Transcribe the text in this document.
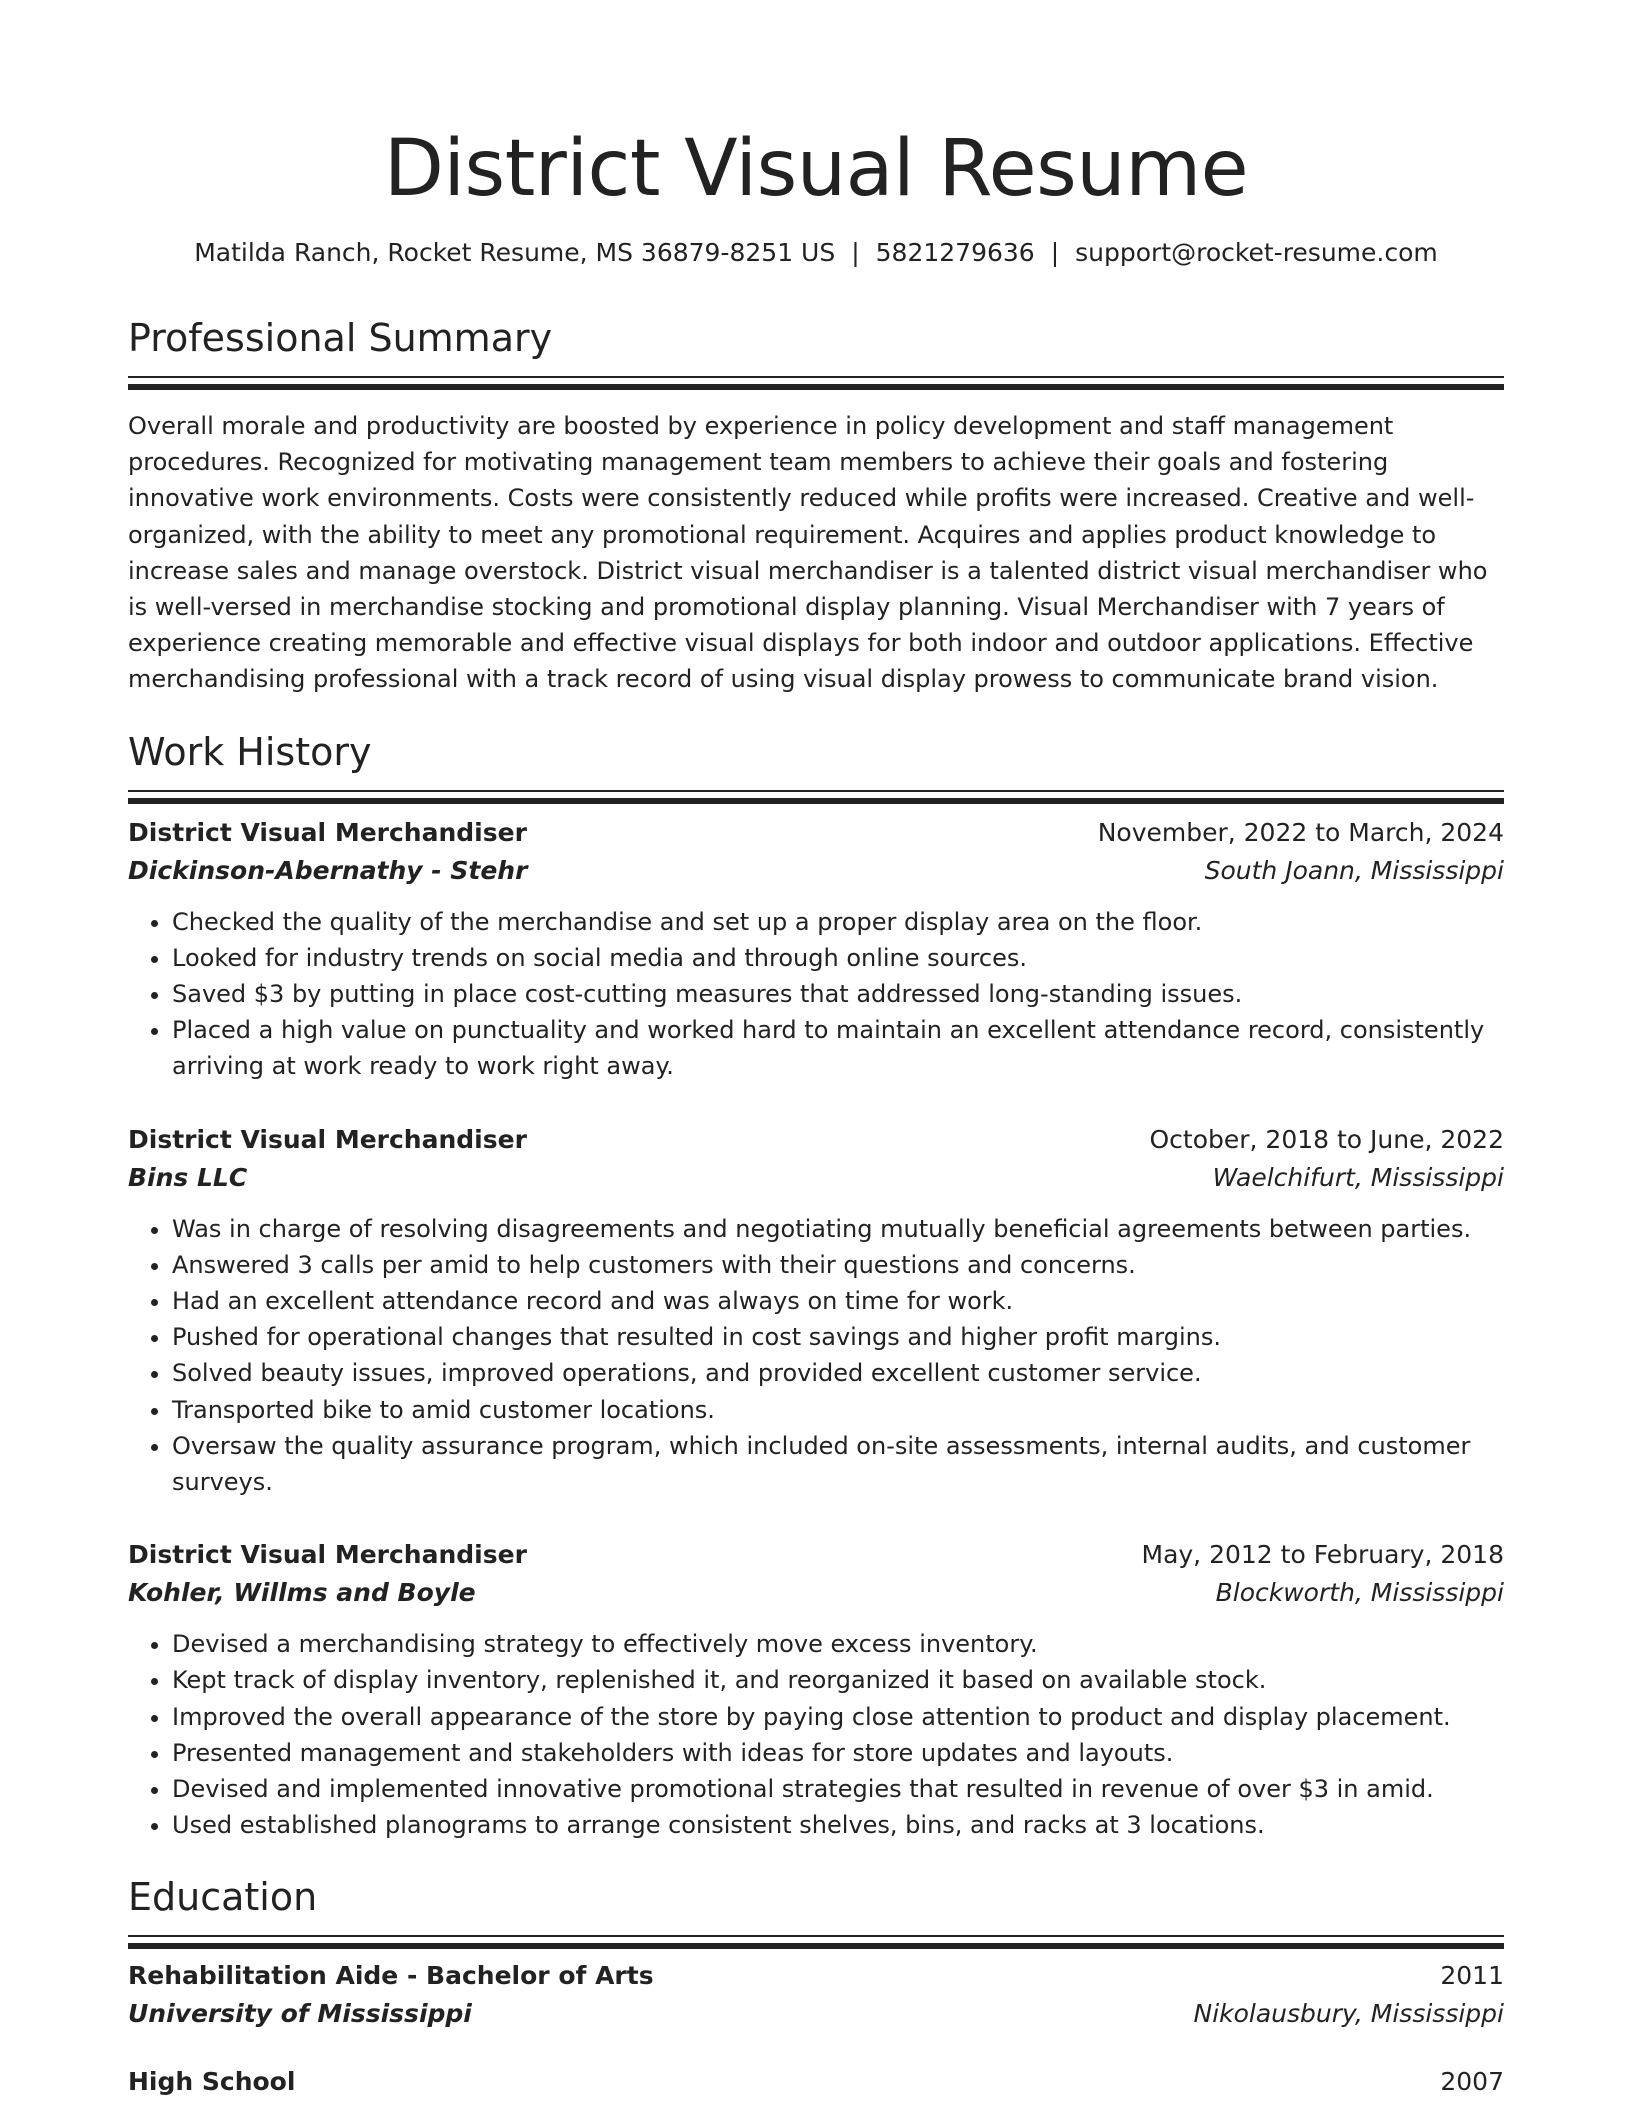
District Visual Resume
Matilda Ranch, Rocket Resume, MS 36879-8251 US | 5821279636 | support@rocket-resume.com
Professional Summary
Overall morale and productivity are boosted by experience in policy development and staff management procedures. Recognized for motivating management team members to achieve their goals and fostering innovative work environments. Costs were consistently reduced while profits were increased. Creative and well-organized, with the ability to meet any promotional requirement. Acquires and applies product knowledge to increase sales and manage overstock. District visual merchandiser is a talented district visual merchandiser who is well-versed in merchandise stocking and promotional display planning. Visual Merchandiser with 7 years of experience creating memorable and effective visual displays for both indoor and outdoor applications. Effective merchandising professional with a track record of using visual display prowess to communicate brand vision.
Work History
District Visual Merchandiser	November, 2022 to March, 2024
Dickinson-Abernathy - Stehr	South Joann, Mississippi
• Checked the quality of the merchandise and set up a proper display area on the floor.
• Looked for industry trends on social media and through online sources.
• Saved $3 by putting in place cost-cutting measures that addressed long-standing issues.
• Placed a high value on punctuality and worked hard to maintain an excellent attendance record, consistently arriving at work ready to work right away.
District Visual Merchandiser	October, 2018 to June, 2022
Bins LLC	Waelchifurt, Mississippi
• Was in charge of resolving disagreements and negotiating mutually beneficial agreements between parties.
• Answered 3 calls per amid to help customers with their questions and concerns.
• Had an excellent attendance record and was always on time for work.
• Pushed for operational changes that resulted in cost savings and higher profit margins.
• Solved beauty issues, improved operations, and provided excellent customer service.
• Transported bike to amid customer locations.
• Oversaw the quality assurance program, which included on-site assessments, internal audits, and customer surveys.
District Visual Merchandiser	May, 2012 to February, 2018
Kohler, Willms and Boyle	Blockworth, Mississippi
• Devised a merchandising strategy to effectively move excess inventory.
• Kept track of display inventory, replenished it, and reorganized it based on available stock.
• Improved the overall appearance of the store by paying close attention to product and display placement.
• Presented management and stakeholders with ideas for store updates and layouts.
• Devised and implemented innovative promotional strategies that resulted in revenue of over $3 in amid.
• Used established planograms to arrange consistent shelves, bins, and racks at 3 locations.
Education
Rehabilitation Aide - Bachelor of Arts	2011
University of Mississippi	Nikolausbury, Mississippi
High School	2007
